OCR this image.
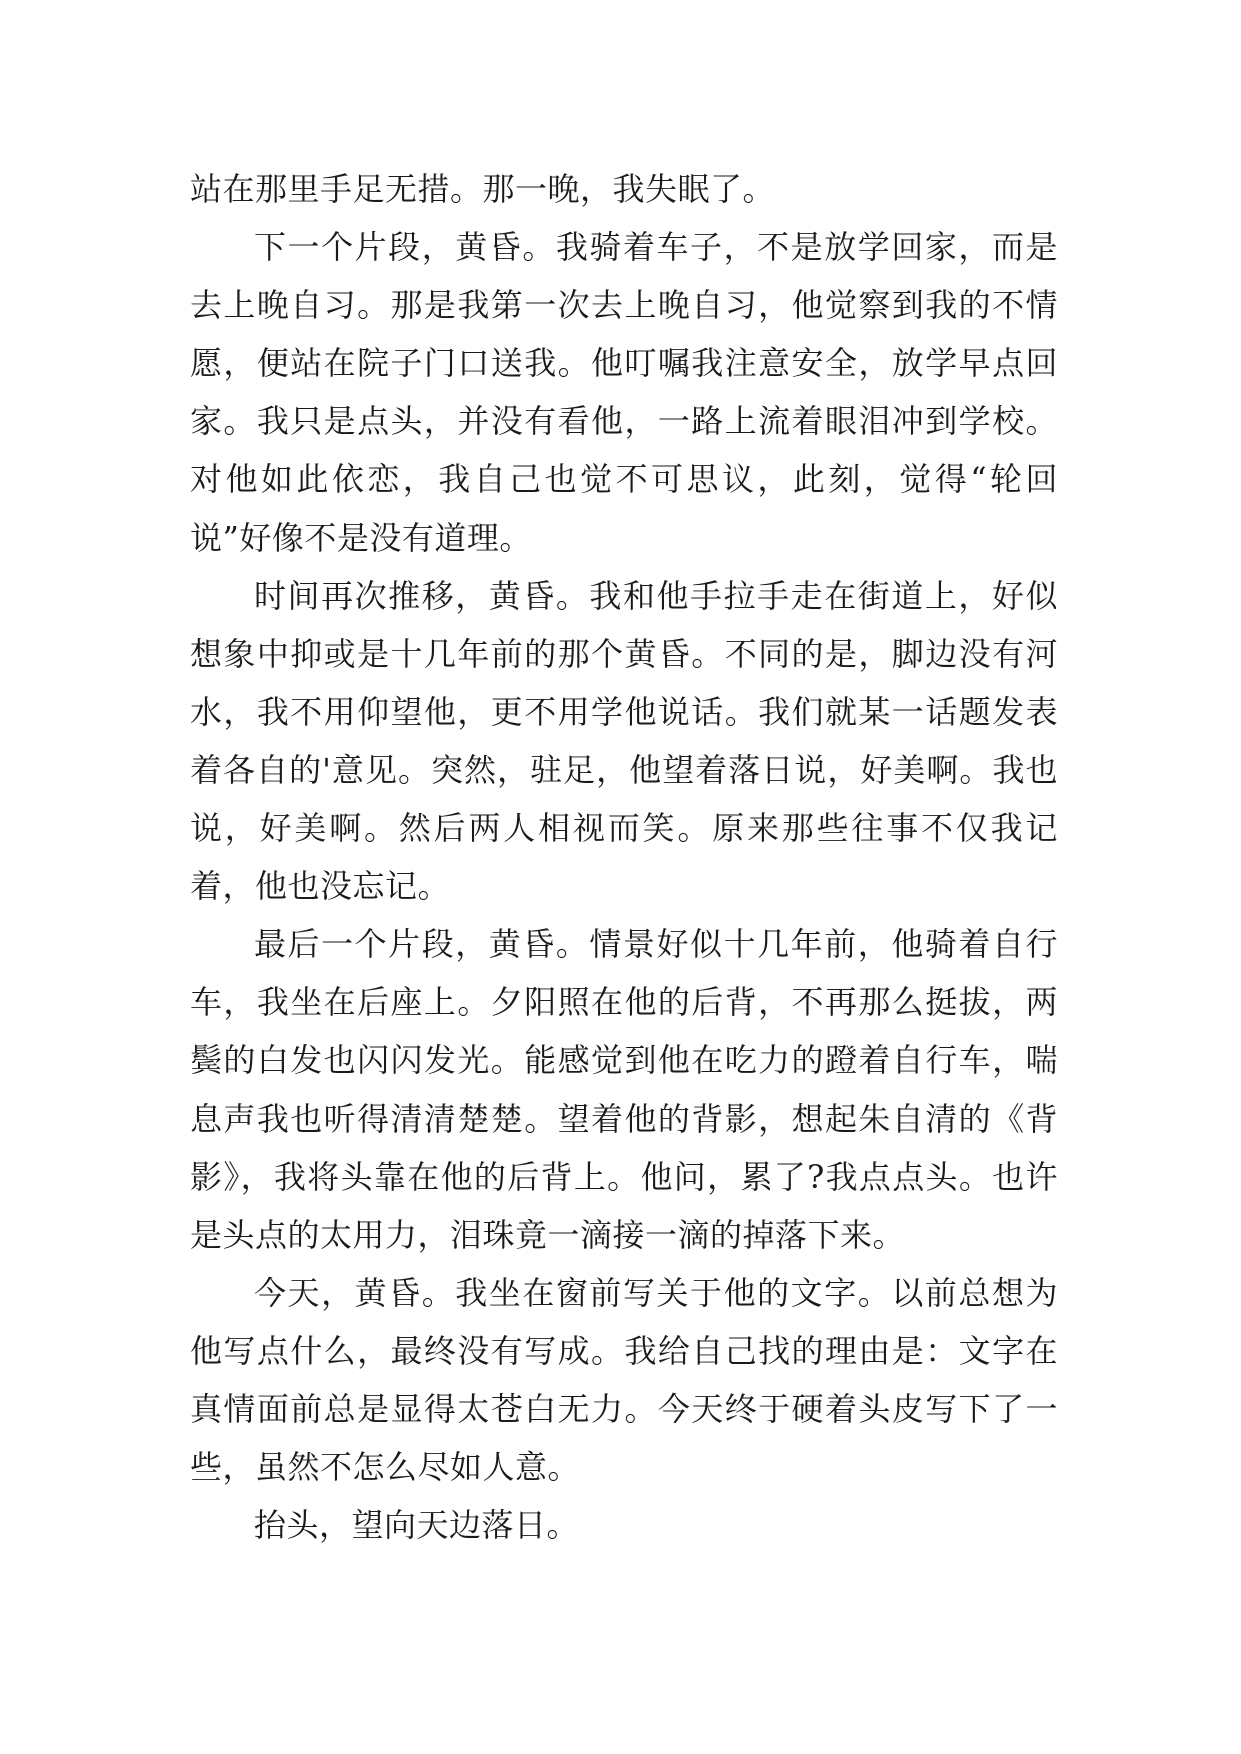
站在那里手足无措。那一晚，我失眠了。

下一个片段，黄昏。我骑着车子，不是放学回家，而是去上晚自习。那是我第一次去上晚自习，他觉察到我的不情愿，便站在院子门口送我。他叮嘱我注意安全，放学早点回家。我只是点头，并没有看他，一路上流着眼泪冲到学校。对他如此依恋，我自己也觉不可思议，此刻，觉得“轮回说”好像不是没有道理。

时间再次推移，黄昏。我和他手拉手走在街道上，好似想象中抑或是十几年前的那个黄昏。不同的是，脚边没有河水，我不用仰望他，更不用学他说话。我们就某一话题发表着各自的'意见。突然，驻足，他望着落日说，好美啊。我也说，好美啊。然后两人相视而笑。原来那些往事不仅我记着，他也没忘记。

最后一个片段，黄昏。情景好似十几年前，他骑着自行车，我坐在后座上。夕阳照在他的后背，不再那么挺拔，两鬓的白发也闪闪发光。能感觉到他在吃力的蹬着自行车，喘息声我也听得清清楚楚。望着他的背影，想起朱自清的《背影》，我将头靠在他的后背上。他问，累了?我点点头。也许是头点的太用力，泪珠竟一滴接一滴的掉落下来。

今天，黄昏。我坐在窗前写关于他的文字。以前总想为他写点什么，最终没有写成。我给自己找的理由是：文字在真情面前总是显得太苍白无力。今天终于硬着头皮写下了一些，虽然不怎么尽如人意。

抬头，望向天边落日。
